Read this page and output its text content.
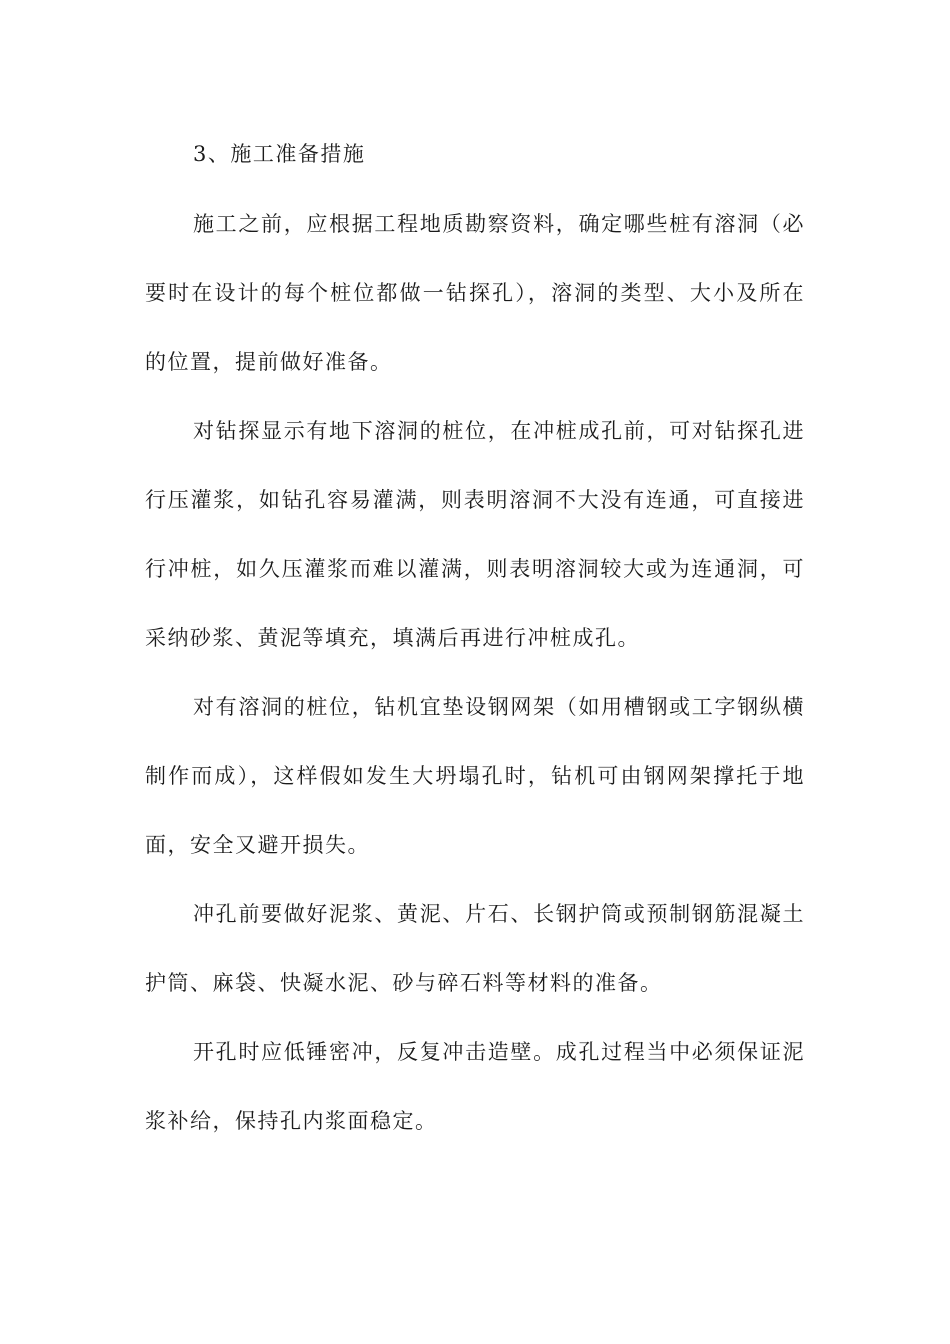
3、施工准备措施

施工之前，应根据工程地质勘察资料，确定哪些桩有溶洞（必要时在设计的每个桩位都做一钻探孔），溶洞的类型、大小及所在的位置，提前做好准备。

对钻探显示有地下溶洞的桩位，在冲桩成孔前，可对钻探孔进行压灌浆，如钻孔容易灌满，则表明溶洞不大没有连通，可直接进行冲桩，如久压灌浆而难以灌满，则表明溶洞较大或为连通洞，可采纳砂浆、黄泥等填充，填满后再进行冲桩成孔。

对有溶洞的桩位，钻机宜垫设钢网架（如用槽钢或工字钢纵横制作而成），这样假如发生大坍塌孔时，钻机可由钢网架撑托于地面，安全又避开损失。

冲孔前要做好泥浆、黄泥、片石、长钢护筒或预制钢筋混凝土护筒、麻袋、快凝水泥、砂与碎石料等材料的准备。

开孔时应低锤密冲，反复冲击造壁。成孔过程当中必须保证泥浆补给，保持孔内浆面稳定。
